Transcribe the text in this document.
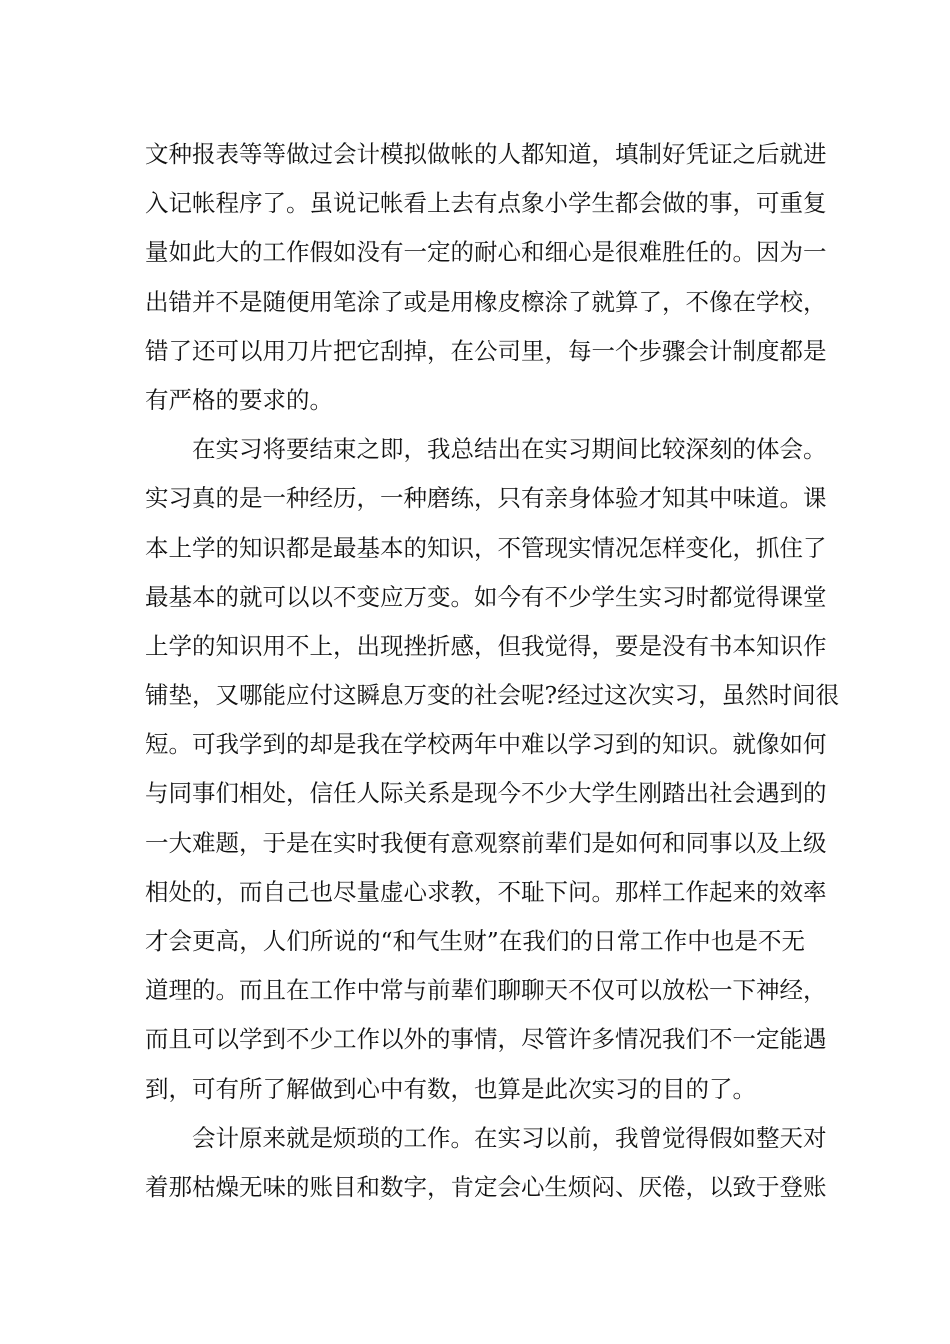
文种报表等等做过会计模拟做帐的人都知道，填制好凭证之后就进
入记帐程序了。虽说记帐看上去有点象小学生都会做的事，可重复
量如此大的工作假如没有一定的耐心和细心是很难胜任的。因为一
出错并不是随便用笔涂了或是用橡皮檫涂了就算了，不像在学校，
错了还可以用刀片把它刮掉，在公司里，每一个步骤会计制度都是
有严格的要求的。
在实习将要结束之即，我总结出在实习期间比较深刻的体会。
实习真的是一种经历，一种磨练，只有亲身体验才知其中味道。课
本上学的知识都是最基本的知识，不管现实情况怎样变化，抓住了
最基本的就可以以不变应万变。如今有不少学生实习时都觉得课堂
上学的知识用不上，出现挫折感，但我觉得，要是没有书本知识作
铺垫，又哪能应付这瞬息万变的社会呢?经过这次实习，虽然时间很
短。可我学到的却是我在学校两年中难以学习到的知识。就像如何
与同事们相处，信任人际关系是现今不少大学生刚踏出社会遇到的
一大难题，于是在实时我便有意观察前辈们是如何和同事以及上级
相处的，而自己也尽量虚心求教，不耻下问。那样工作起来的效率
才会更高，人们所说的“和气生财”在我们的日常工作中也是不无
道理的。而且在工作中常与前辈们聊聊天不仅可以放松一下神经，
而且可以学到不少工作以外的事情，尽管许多情况我们不一定能遇
到，可有所了解做到心中有数，也算是此次实习的目的了。
会计原来就是烦琐的工作。在实习以前，我曾觉得假如整天对
着那枯燥无味的账目和数字，肯定会心生烦闷、厌倦，以致于登账
